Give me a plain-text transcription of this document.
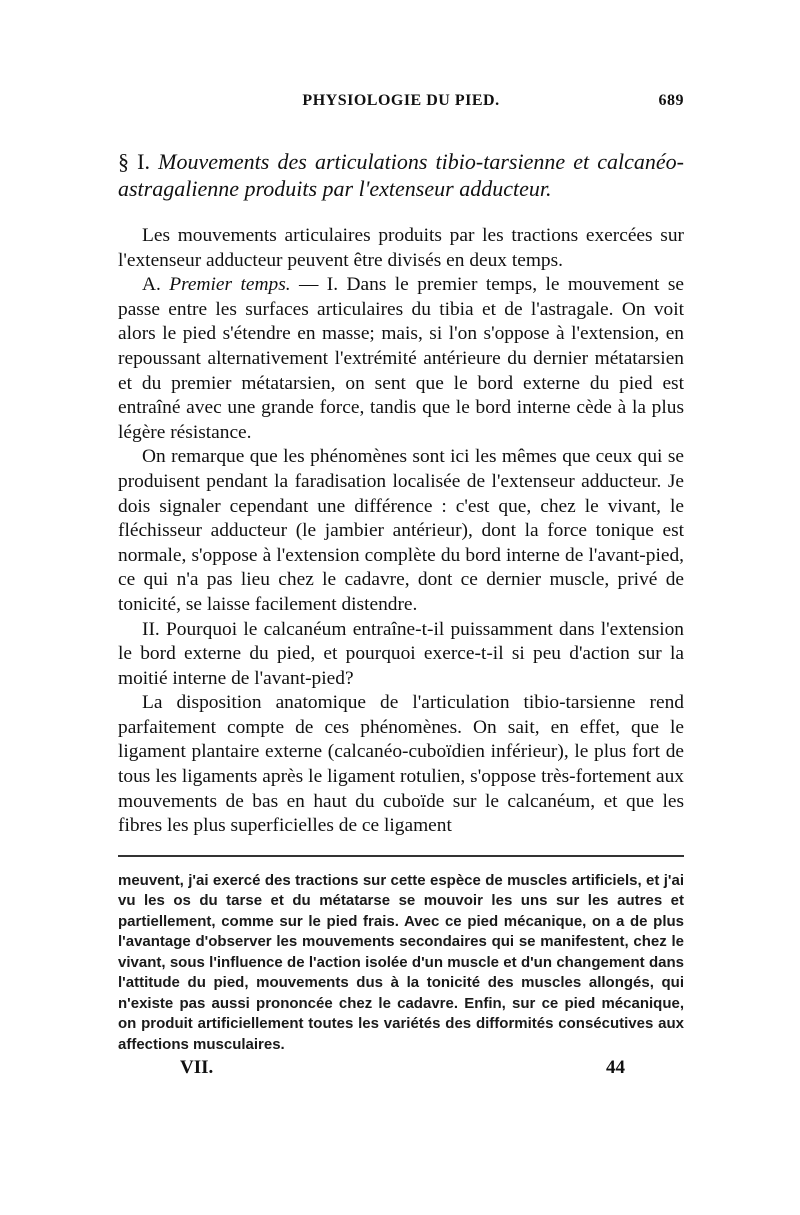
PHYSIOLOGIE DU PIED.	689
§ I. Mouvements des articulations tibio-tarsienne et calcanéo-astragalienne produits par l'extenseur adducteur.

Les mouvements articulaires produits par les tractions exercées sur l'extenseur adducteur peuvent être divisés en deux temps.

A. Premier temps. — I. Dans le premier temps, le mouvement se passe entre les surfaces articulaires du tibia et de l'astragale. On voit alors le pied s'étendre en masse; mais, si l'on s'oppose à l'extension, en repoussant alternativement l'extrémité antérieure du dernier métatarsien et du premier métatarsien, on sent que le bord externe du pied est entraîné avec une grande force, tandis que le bord interne cède à la plus légère résistance.

On remarque que les phénomènes sont ici les mêmes que ceux qui se produisent pendant la faradisation localisée de l'extenseur adducteur. Je dois signaler cependant une différence : c'est que, chez le vivant, le fléchisseur adducteur (le jambier antérieur), dont la force tonique est normale, s'oppose à l'extension complète du bord interne de l'avant-pied, ce qui n'a pas lieu chez le cadavre, dont ce dernier muscle, privé de tonicité, se laisse facilement distendre.

II. Pourquoi le calcanéum entraîne-t-il puissamment dans l'extension le bord externe du pied, et pourquoi exerce-t-il si peu d'action sur la moitié interne de l'avant-pied?

La disposition anatomique de l'articulation tibio-tarsienne rend parfaitement compte de ces phénomènes. On sait, en effet, que le ligament plantaire externe (calcanéo-cuboïdien inférieur), le plus fort de tous les ligaments après le ligament rotulien, s'oppose très-fortement aux mouvements de bas en haut du cuboïde sur le calcanéum, et que les fibres les plus superficielles de ce ligament

meuvent, j'ai exercé des tractions sur cette espèce de muscles artificiels, et j'ai vu les os du tarse et du métatarse se mouvoir les uns sur les autres et partiellement, comme sur le pied frais. Avec ce pied mécanique, on a de plus l'avantage d'observer les mouvements secondaires qui se manifestent, chez le vivant, sous l'influence de l'action isolée d'un muscle et d'un changement dans l'attitude du pied, mouvements dus à la tonicité des muscles allongés, qui n'existe pas aussi prononcée chez le cadavre. Enfin, sur ce pied mécanique, on produit artificiellement toutes les variétés des difformités consécutives aux affections musculaires.
VII.	44
